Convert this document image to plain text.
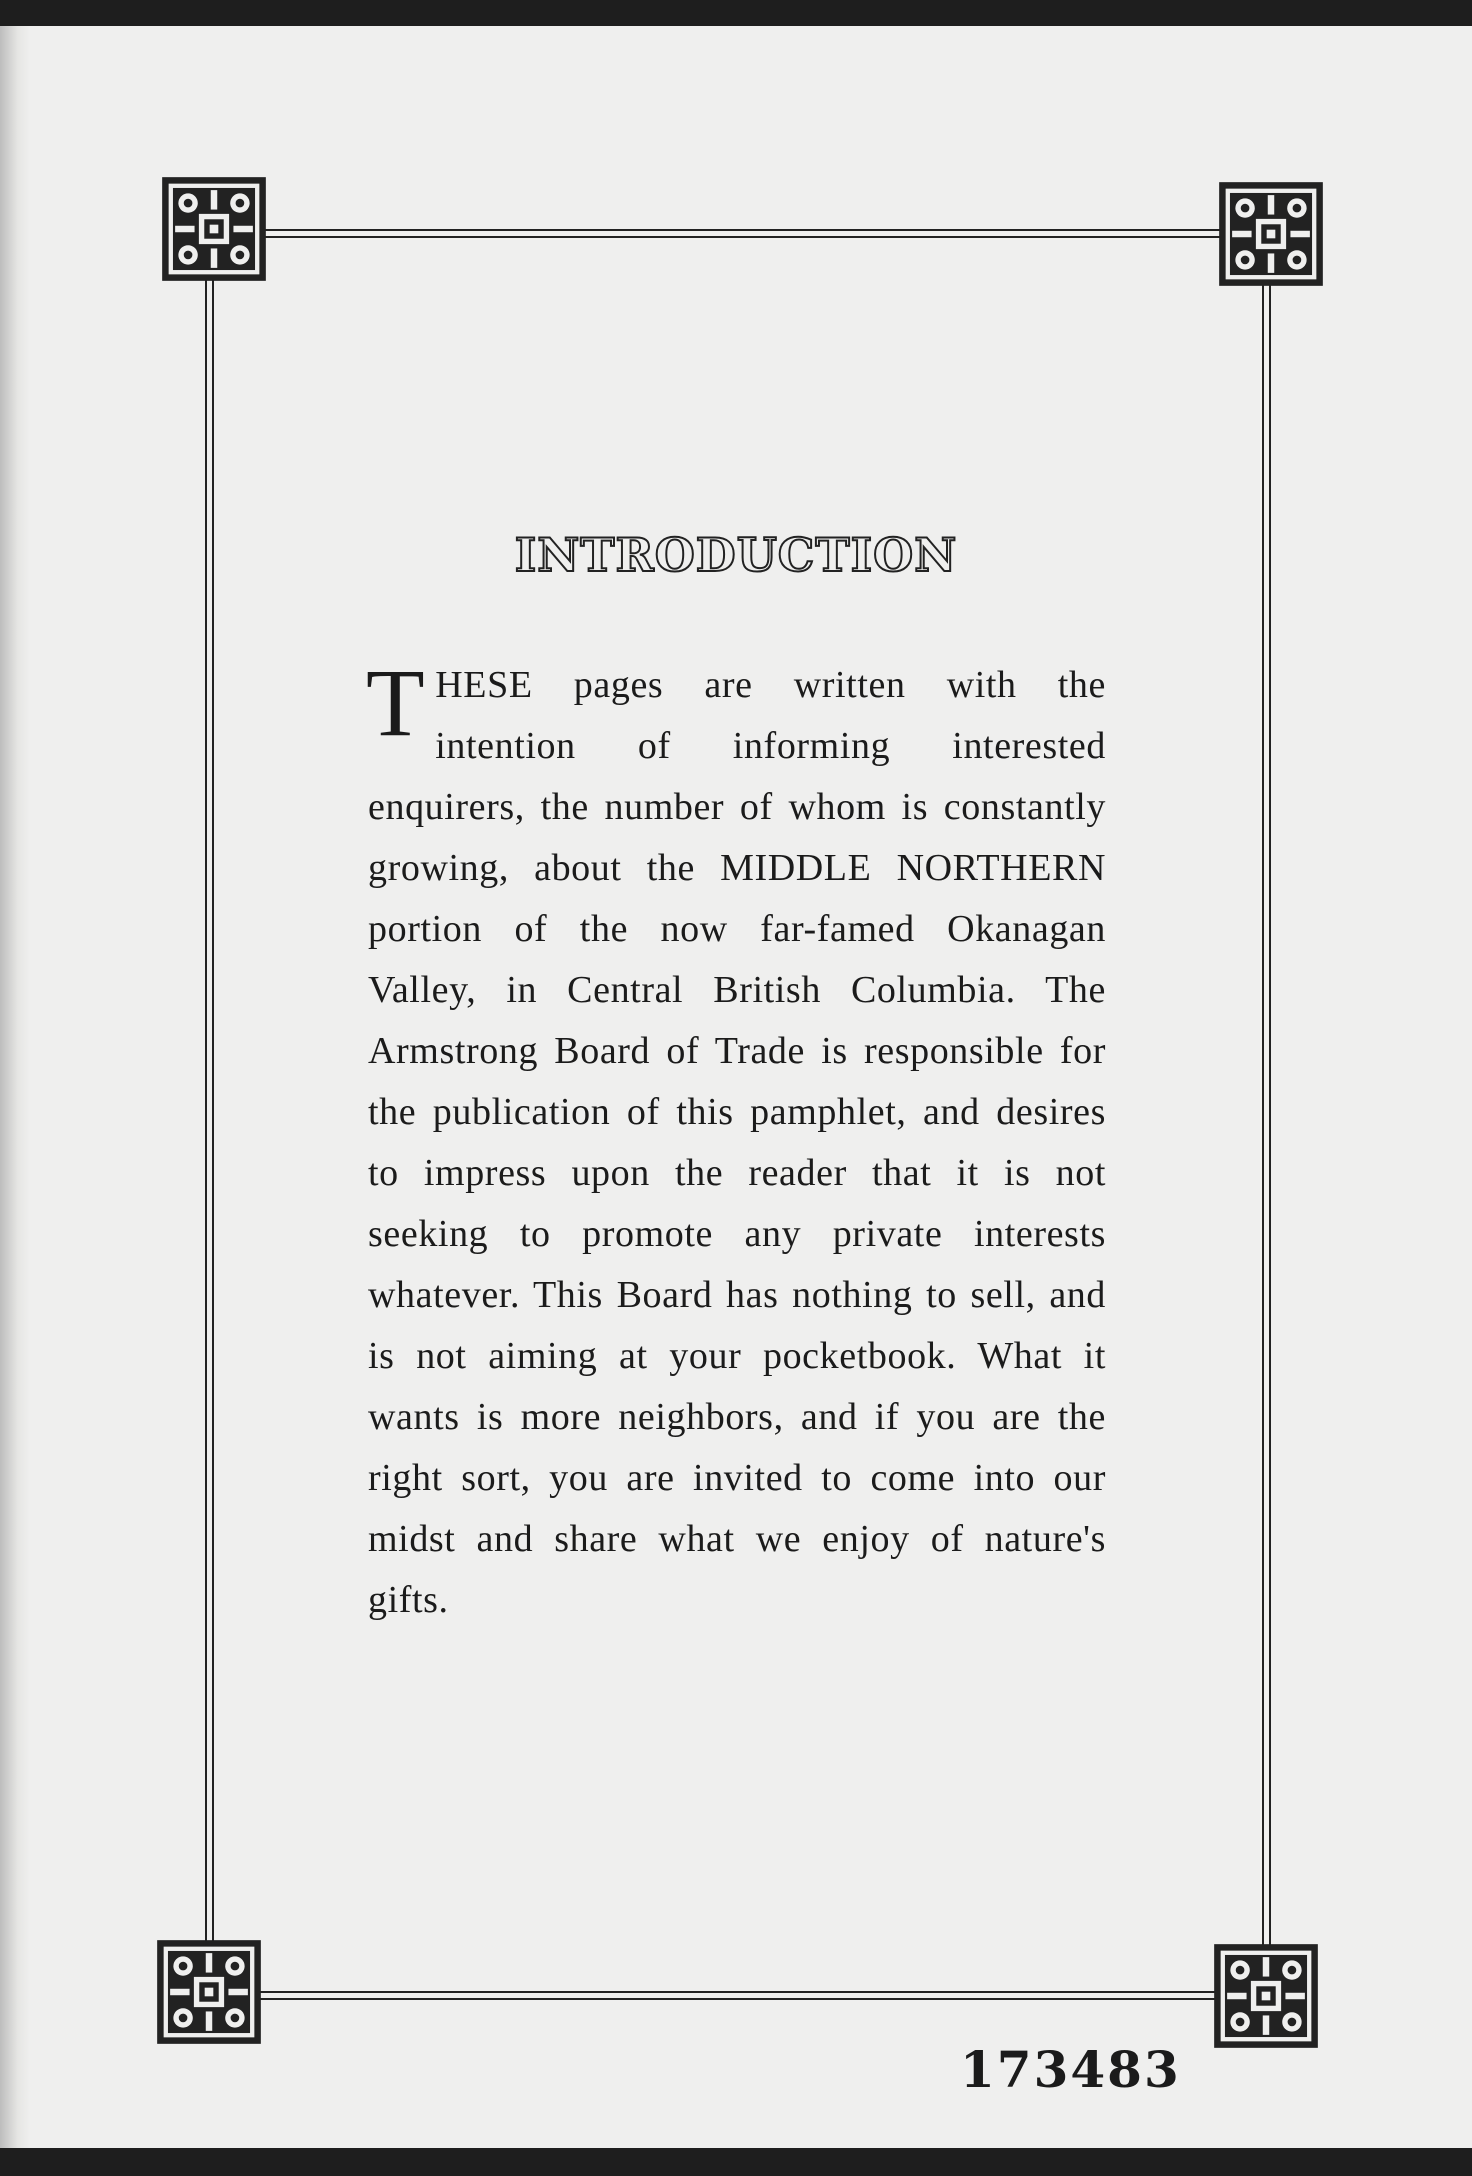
INTRODUCTION
THESE pages are written with the intention of informing interested enquirers, the number of whom is constantly growing, about the MIDDLE NORTHERN portion of the now far-famed Okanagan Valley, in Central British Columbia. The Armstrong Board of Trade is responsible for the publication of this pamphlet, and desires to impress upon the reader that it is not seeking to promote any private interests whatever. This Board has nothing to sell, and is not aiming at your pocketbook. What it wants is more neighbors, and if you are the right sort, you are invited to come into our midst and share what we enjoy of nature's gifts.
173483
